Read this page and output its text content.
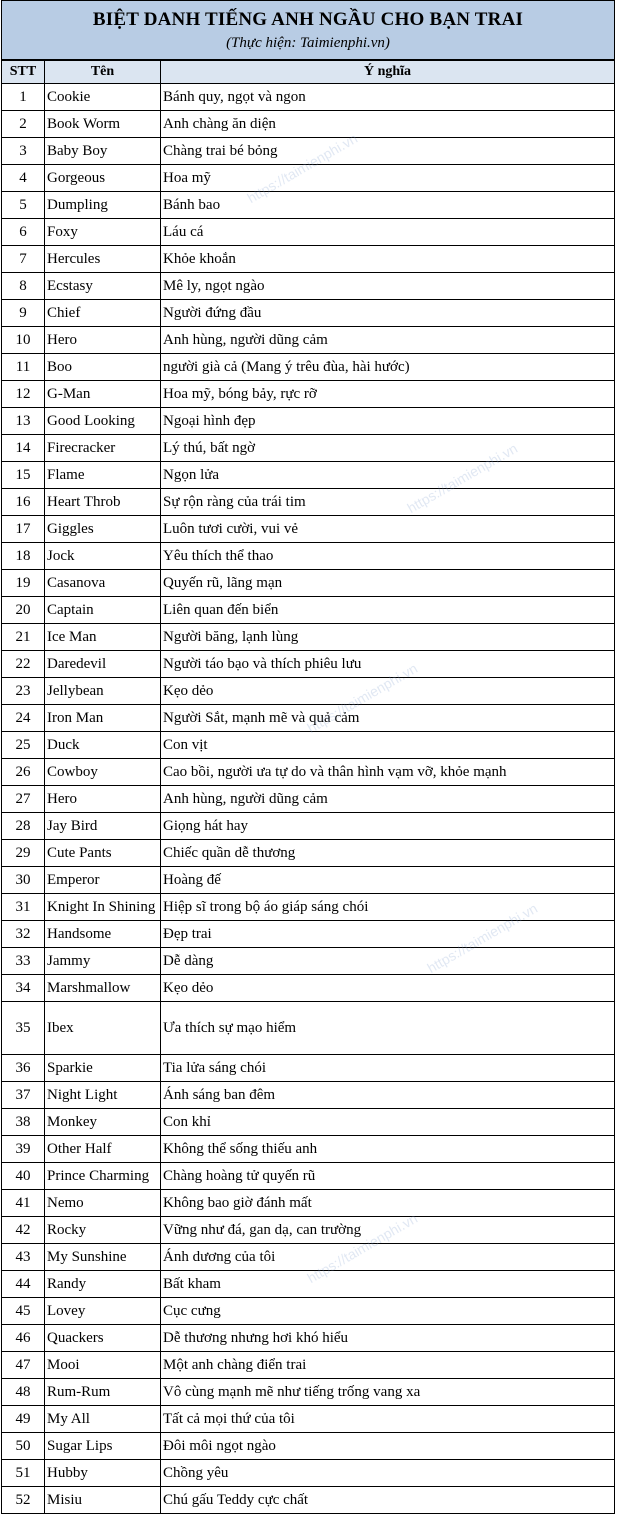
BIỆT DANH TIẾNG ANH NGẦU CHO BẠN TRAI
(Thực hiện: Taimienphi.vn)
STT	Tên	Ý nghĩa
1	Cookie	Bánh quy, ngọt và ngon
2	Book Worm	Anh chàng ăn diện
3	Baby Boy	Chàng trai bé bỏng
4	Gorgeous	Hoa mỹ
5	Dumpling	Bánh bao
6	Foxy	Láu cá
7	Hercules	Khỏe khoắn
8	Ecstasy	Mê ly, ngọt ngào
9	Chief	Người đứng đầu
10	Hero	Anh hùng, người dũng cảm
11	Boo	người già cả (Mang ý trêu đùa, hài hước)
12	G-Man	Hoa mỹ, bóng bảy, rực rỡ
13	Good Looking	Ngoại hình đẹp
14	Firecracker	Lý thú, bất ngờ
15	Flame	Ngọn lửa
16	Heart Throb	Sự rộn ràng của trái tim
17	Giggles	Luôn tươi cười, vui vẻ
18	Jock	Yêu thích thể thao
19	Casanova	Quyến rũ, lãng mạn
20	Captain	Liên quan đến biển
21	Ice Man	Người băng, lạnh lùng
22	Daredevil	Người táo bạo và thích phiêu lưu
23	Jellybean	Kẹo dẻo
24	Iron Man	Người Sắt, mạnh mẽ và quả cảm
25	Duck	Con vịt
26	Cowboy	Cao bồi, người ưa tự do và thân hình vạm vỡ, khỏe mạnh
27	Hero	Anh hùng, người dũng cảm
28	Jay Bird	Giọng hát hay
29	Cute Pants	Chiếc quần dễ thương
30	Emperor	Hoàng đế
31	Knight In Shining	Hiệp sĩ trong bộ áo giáp sáng chói
32	Handsome	Đẹp trai
33	Jammy	Dễ dàng
34	Marshmallow	Kẹo dẻo
35	Ibex	Ưa thích sự mạo hiểm
36	Sparkie	Tia lửa sáng chói
37	Night Light	Ánh sáng ban đêm
38	Monkey	Con khỉ
39	Other Half	Không thể sống thiếu anh
40	Prince Charming	Chàng hoàng tử quyến rũ
41	Nemo	Không bao giờ đánh mất
42	Rocky	Vững như đá, gan dạ, can trường
43	My Sunshine	Ánh dương của tôi
44	Randy	Bất kham
45	Lovey	Cục cưng
46	Quackers	Dễ thương nhưng hơi khó hiểu
47	Mooi	Một anh chàng điển trai
48	Rum-Rum	Vô cùng mạnh mẽ như tiếng trống vang xa
49	My All	Tất cả mọi thứ của tôi
50	Sugar Lips	Đôi môi ngọt ngào
51	Hubby	Chồng yêu
52	Misiu	Chú gấu Teddy cực chất
https://taimienphi.vn
https://taimienphi.vn
https://taimienphi.vn
https://taimienphi.vn
https://taimienphi.vn
